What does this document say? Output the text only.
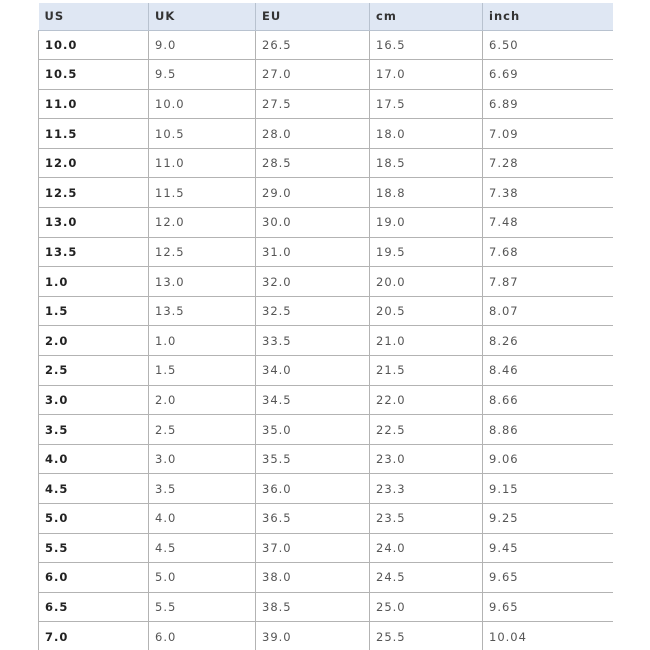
US	UK	EU	cm	inch
10.0	9.0	26.5	16.5	6.50
10.5	9.5	27.0	17.0	6.69
11.0	10.0	27.5	17.5	6.89
11.5	10.5	28.0	18.0	7.09
12.0	11.0	28.5	18.5	7.28
12.5	11.5	29.0	18.8	7.38
13.0	12.0	30.0	19.0	7.48
13.5	12.5	31.0	19.5	7.68
1.0	13.0	32.0	20.0	7.87
1.5	13.5	32.5	20.5	8.07
2.0	1.0	33.5	21.0	8.26
2.5	1.5	34.0	21.5	8.46
3.0	2.0	34.5	22.0	8.66
3.5	2.5	35.0	22.5	8.86
4.0	3.0	35.5	23.0	9.06
4.5	3.5	36.0	23.3	9.15
5.0	4.0	36.5	23.5	9.25
5.5	4.5	37.0	24.0	9.45
6.0	5.0	38.0	24.5	9.65
6.5	5.5	38.5	25.0	9.65
7.0	6.0	39.0	25.5	10.04
